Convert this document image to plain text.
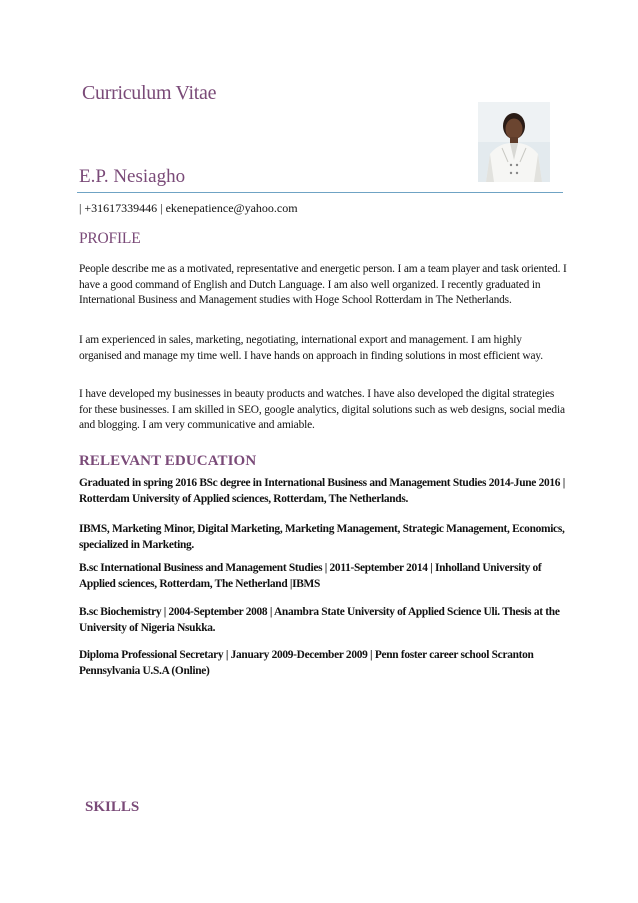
Curriculum Vitae
E.P. Nesiagho
| +31617339446 | ekenepatience@yahoo.com
PROFILE

People describe me as a motivated, representative and energetic person. I am a team player and task oriented. I have a good command of English and Dutch Language. I am also well organized. I recently graduated in International Business and Management studies with Hoge School Rotterdam in The Netherlands.

I am experienced in sales, marketing, negotiating, international export and management. I am highly organised and manage my time well. I have hands on approach in finding solutions in most efficient way.

I have developed my businesses in beauty products and watches. I have also developed the digital strategies for these businesses. I am skilled in SEO, google analytics, digital solutions such as web designs, social media and blogging. I am very communicative and amiable.

RELEVANT EDUCATION

Graduated in spring 2016 BSc degree in International Business and Management Studies 2014-June 2016 | Rotterdam University of Applied sciences, Rotterdam, The Netherlands.

IBMS, Marketing Minor, Digital Marketing, Marketing Management, Strategic Management, Economics, specialized in Marketing.

B.sc International Business and Management Studies | 2011-September 2014 | Inholland University of Applied sciences, Rotterdam, The Netherland |IBMS

B.sc Biochemistry | 2004-September 2008 | Anambra State University of Applied Science Uli. Thesis at the University of Nigeria Nsukka.

Diploma Professional Secretary | January 2009-December 2009 | Penn foster career school Scranton Pennsylvania U.S.A (Online)

SKILLS
